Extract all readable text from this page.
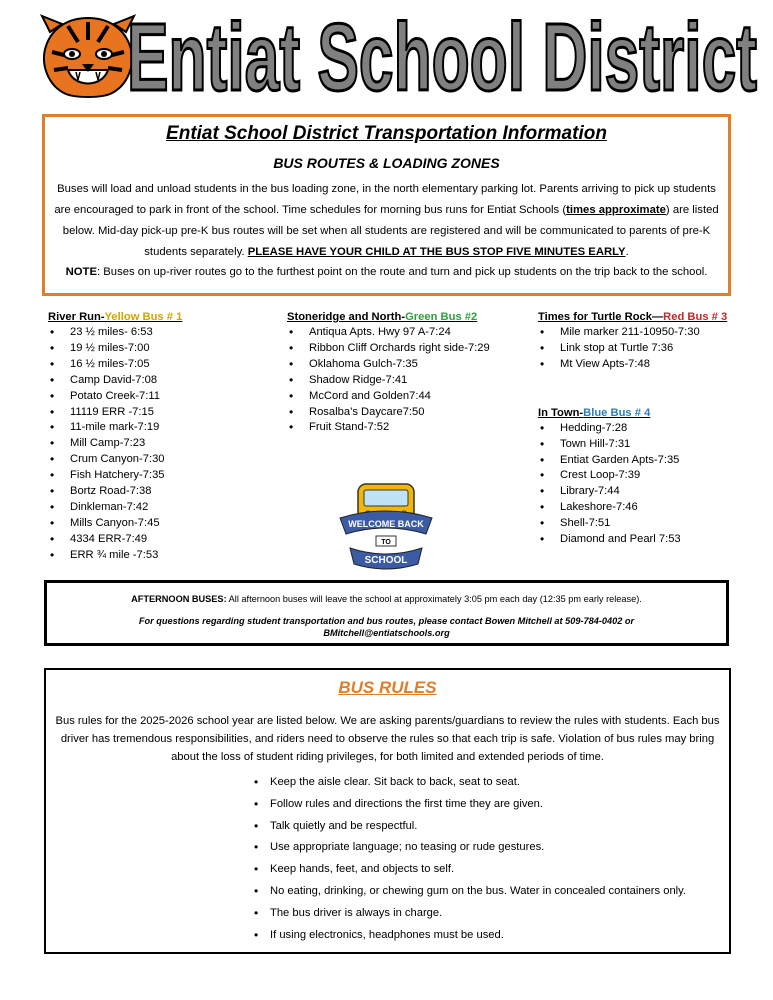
Entiat School District
Entiat School District Transportation Information
BUS ROUTES & LOADING ZONES
Buses will load and unload students in the bus loading zone, in the north elementary parking lot. Parents arriving to pick up students are encouraged to park in front of the school. Time schedules for morning bus runs for Entiat Schools (times approximate) are listed below. Mid-day pick-up pre-K bus routes will be set when all students are registered and will be communicated to parents of pre-K students separately. PLEASE HAVE YOUR CHILD AT THE BUS STOP FIVE MINUTES EARLY.
NOTE: Buses on up-river routes go to the furthest point on the route and turn and pick up students on the trip back to the school.
River Run-Yellow Bus # 1
• 23 ½ miles- 6:53
• 19 ½ miles-7:00
• 16 ½ miles-7:05
• Camp David-7:08
• Potato Creek-7:11
• 11119 ERR -7:15
• 11-mile mark-7:19
• Mill Camp-7:23
• Crum Canyon-7:30
• Fish Hatchery-7:35
• Bortz Road-7:38
• Dinkleman-7:42
• Mills Canyon-7:45
• 4334 ERR-7:49
• ERR ¾ mile -7:53
Stoneridge and North-Green Bus #2
• Antiqua Apts. Hwy 97 A-7:24
• Ribbon Cliff Orchards right side-7:29
• Oklahoma Gulch-7:35
• Shadow Ridge-7:41
• McCord and Golden7:44
• Rosalba’s Daycare7:50
• Fruit Stand-7:52
Times for Turtle Rock—Red Bus # 3
• Mile marker 211-10950-7:30
• Link stop at Turtle 7:36
• Mt View Apts-7:48
In Town-Blue Bus # 4
• Hedding-7:28
• Town Hill-7:31
• Entiat Garden Apts-7:35
• Crest Loop-7:39
• Library-7:44
• Lakeshore-7:46
• Shell-7:51
• Diamond and Pearl 7:53
WELCOME BACK
TO
SCHOOL
AFTERNOON BUSES: All afternoon buses will leave the school at approximately 3:05 pm each day (12:35 pm early release).
For questions regarding student transportation and bus routes, please contact Bowen Mitchell at 509-784-0402 or BMitchell@entiatschools.org
BUS RULES
Bus rules for the 2025-2026 school year are listed below. We are asking parents/guardians to review the rules with students. Each bus driver has tremendous responsibilities, and riders need to observe the rules so that each trip is safe. Violation of bus rules may bring about the loss of student riding privileges, for both limited and extended periods of time.
• Keep the aisle clear. Sit back to back, seat to seat.
• Follow rules and directions the first time they are given.
• Talk quietly and be respectful.
• Use appropriate language; no teasing or rude gestures.
• Keep hands, feet, and objects to self.
• No eating, drinking, or chewing gum on the bus. Water in concealed containers only.
• The bus driver is always in charge.
• If using electronics, headphones must be used.
